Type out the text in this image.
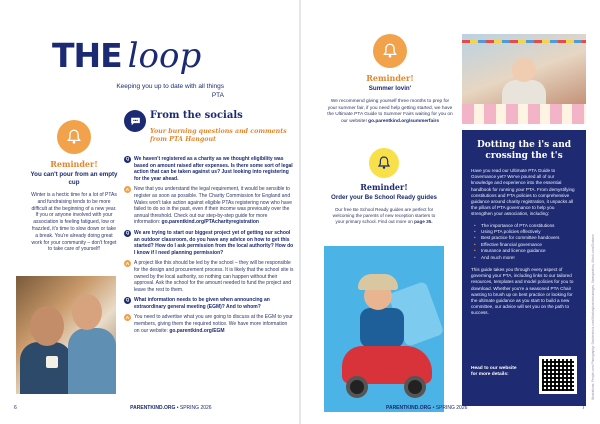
THE loop
Keeping you up to date with all things PTA
Reminder!
You can't pour from an empty cup
Winter is a hectic time for a lot of PTAs and fundraising tends to be more difficult at the beginning of a new year. If you or anyone involved with your association is feeling fatigued, low or frazzled, it's time to slow down or take a break. You're already doing great work for your community – don't forget to take care of yourself!
From the socials
Your burning questions and comments from PTA Hangout
Q We haven't registered as a charity as we thought eligibility was based on amount raised after expenses. Is there some sort of legal action that can be taken against us? Just looking into registering for the year ahead.
A Now that you understand the legal requirement, it would be sensible to register as soon as possible. The Charity Commission for England and Wales won't take action against eligible PTAs registering now who have failed to do so in the past, even if their income was previously over the annual threshold. Check out our step-by-step guide for more information: go.parentkind.org/PTAcharityregistration
Q We are trying to start our biggest project yet of getting our school an outdoor classroom, do you have any advice on how to get this started? How do I ask permission from the local authority? How do I know if I need planning permission?
A A project like this should be led by the school – they will be responsible for the design and procurement process. It is likely that the school site is owned by the local authority, so nothing can happen without their approval. Ask the school for the amount needed to fund the project and leave the rest to them.
Q What information needs to be given when announcing an extraordinary general meeting (EGM)? And to whom?
A You need to advertise what you are going to discuss at the EGM to your members, giving them the required notice. We have more information on our website: go.parentkind.org/EGM
Reminder!
Summer lovin'
We recommend giving yourself three months to prep for your summer fair, if you need help getting started, we have the Ultimate PTA Guide to Summer Fairs waiting for you on our website! go.parentkind.org/summerfairs
Reminder!
Order your Be School Ready guides
Our free Be School Ready guides are perfect for welcoming the parents of new reception starters to your primary school. Find out more on page 35.
Dotting the i's and crossing the t's

Have you read our Ultimate PTA Guide to Governance yet? We've poured all of our knowledge and experience into the essential handbook for running your PTA. From demystifying constitutions and PTA policies to comprehensive guidance around charity registration, it unpacks all the pillars of PTA governance to help you strengthen your association, including:

• The importance of PTA constitutions
• Using PTA policies effectively
• Best practice for committee handovers
• Effective financial governance
• Insurance and licence guidance
• And much more!

This guide takes you through every aspect of governing your PTA, including links to our tailored resources, templates and model policies for you to download. Whether you're a seasoned PTA Chair wanting to brush up on best practice or looking for the ultimate guidance as you start to build a new committee, our advice will set you on the path to success.

Head to our website for more details:	Illustrations: People.com Photography: Shutterstock.com/Monkeybusinessimages, Samspiration, iStock.com/Gustavo
6	PARENTKIND.ORG • SPRING 2026	PARENTKIND.ORG • SPRING 2026	7
